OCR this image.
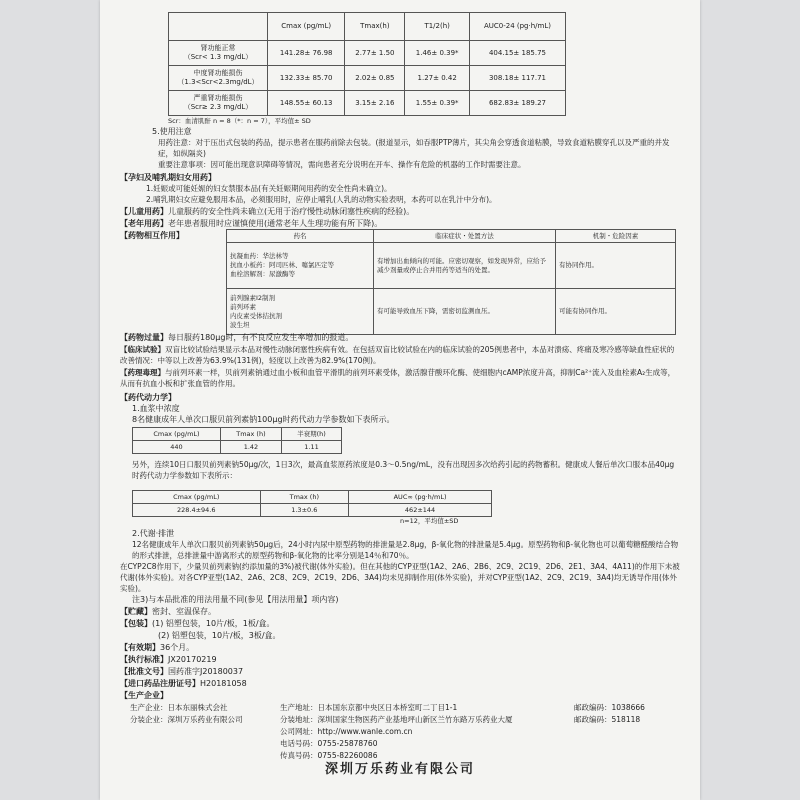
	Cmax (pg/mL)	Tmax(h)	T1/2(h)	AUC0-24 (pg·h/mL)

肾功能正常
（Scr< 1.3 mg/dL）	141.28± 76.98	2.77± 1.50	1.46± 0.39*	404.15± 185.75

中度肾功能损伤
（1.3<Scr<2.3mg/dL）	132.33± 85.70	2.02± 0.85	1.27± 0.42	308.18± 117.71

严重肾功能损伤
（Scr≥ 2.3 mg/dL）	148.55± 60.13	3.15± 2.16	1.55± 0.39*	682.83± 189.27
Scr：血清肌酐 n = 8（*：n = 7），平均值± SD
5.使用注意
用药注意：对于压出式包装的药品，提示患者在服药前除去包装。(报道显示，如吞服PTP薄片，其尖角会穿透食道粘膜，导致食道粘膜穿孔以及严重的并发症，如纵隔炎)
重要注意事项：因可能出现意识障碍等情况，需向患者充分说明在开车、操作有危险的机器的工作时需要注意。
【孕妇及哺乳期妇女用药】
1.妊娠或可能妊娠的妇女禁服本品(有关妊娠期间用药的安全性尚未确立)。
2.哺乳期妇女应避免服用本品，必须服用时，应停止哺乳(人乳的动物实验表明，本药可以在乳汁中分布)。
【儿童用药】儿童服药的安全性尚未确立(无用于治疗慢性动脉闭塞性疾病的经验)。
【老年用药】老年患者服用时应谨慎使用(通常老年人生理功能有所下降)。
【药物相互作用】	药名	临床症状・处置方法	机制・危险因素
抗凝血药：华法林等
抗血小板药：阿司匹林、噻氯匹定等
血栓溶解剂：尿激酶等	有增加出血倾向的可能。应密切观察，如发现异常，应给予减少剂量或停止合并用药等适当的处置。	有协同作用。
前列腺素I2制剂
前列环素
内皮素受体拮抗剂
波生坦	有可能导致血压下降，需密切监测血压。	可能有协同作用。
【药物过量】每日服药180μg时，有不良反应发生率增加的报道。
【临床试验】双盲比较试验结果显示本品对慢性动脉闭塞性疾病有效。在包括双盲比较试验在内的临床试验的205例患者中，本品对溃疡、疼痛及寒冷感等缺血性症状的改善情况：中等以上改善为63.9%(131例)，轻度以上改善为82.9%(170例)。
【药理毒理】与前列环素一样，贝前列素钠通过血小板和血管平滑肌的前列环素受体，激活腺苷酸环化酶、使细胞内cAMP浓度升高，抑制Ca²⁺流入及血栓素A₂生成等，从而有抗血小板和扩张血管的作用。
【药代动力学】
1.血浆中浓度
8名健康成年人单次口服贝前列素钠100μg时药代动力学参数如下表所示。
Cmax (pg/mL)	Tmax (h)	半衰期(h)
440	1.42	1.11
另外，连续10日口服贝前列素钠50μg/次，1日3次，最高血浆原药浓度是0.3～0.5ng/mL，没有出现因多次给药引起的药物蓄积。健康成人餐后单次口服本品40μg时药代动力学参数如下表所示：
Cmax (pg/mL)	Tmax (h)	AUC∞ (pg·h/mL)
228.4±94.6	1.3±0.6	462±144
n=12，平均值±SD
2.代谢·排泄
12名健康成年人单次口服贝前列素钠50μg后，24小时内尿中原型药物的排泄量是2.8μg，β-氧化物的排泄量是5.4μg。原型药物和β-氧化物也可以葡萄糖醛酸结合物的形式排泄，总排泄量中游离形式的原型药物和β-氧化物的比率分别是14％和70％。
在CYP2C8作用下，少量贝前列素钠(约添加量的3%)被代谢(体外实验)。但在其他的CYP亚型(1A2、2A6、2B6、2C9、2C19、2D6、2E1、3A4、4A11)的作用下未被代谢(体外实验)。对各CYP亚型(1A2、2A6、2C8、2C9、2C19、2D6、3A4)均未见抑制作用(体外实验)，并对CYP亚型(1A2、2C9、2C19、3A4)均无诱导作用(体外实验)。
注3)与本品批准的用法用量不同(参见【用法用量】项内容)
【贮藏】密封、室温保存。
【包装】(1) 铝塑包装，10片/板，1板/盒。
(2) 铝塑包装，10片/板，3板/盒。
【有效期】36个月。
【执行标准】JX20170219
【批准文号】国药准字J20180037
【进口药品注册证号】H20181058
【生产企业】
生产企业：日本东丽株式会社	生产地址：日本国东京都中央区日本桥室町二丁目1-1	邮政编码：1038666
分装企业：深圳万乐药业有限公司	分装地址：深圳国家生物医药产业基地坪山新区兰竹东路万乐药业大厦	邮政编码：518118
公司网址：http://www.wanle.com.cn
电话号码：0755-25878760
传真号码：0755-82260086
深圳万乐药业有限公司
